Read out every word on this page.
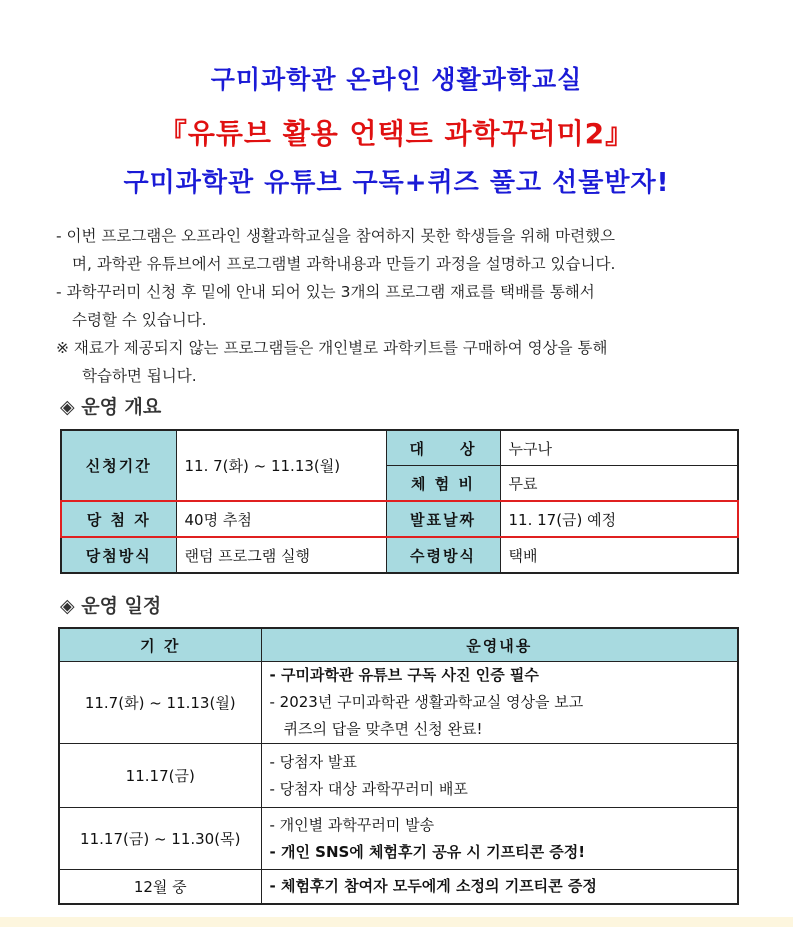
구미과학관 온라인 생활과학교실
『유튜브 활용 언택트 과학꾸러미2』
구미과학관 유튜브 구독+퀴즈 풀고 선물받자!
- 이번 프로그램은 오프라인 생활과학교실을 참여하지 못한 학생들을 위해 마련했으
며, 과학관 유튜브에서 프로그램별 과학내용과 만들기 과정을 설명하고 있습니다.
- 과학꾸러미 신청 후 밑에 안내 되어 있는 3개의 프로그램 재료를 택배를 통해서
수령할 수 있습니다.
※ 재료가 제공되지 않는 프로그램들은 개인별로 과학키트를 구매하여 영상을 통해
학습하면 됩니다.
◈ 운영 개요
신청기간	11. 7(화) ~ 11.13(월)	대　　상	누구나
		체 험 비	무료
당 첨 자	40명 추첨	발표날짜	11. 17(금) 예정
당첨방식	랜덤 프로그램 실행	수령방식	택배
◈ 운영 일정
기 간	운영내용
11.7(화) ~ 11.13(월)	- 구미과학관 유튜브 구독 사진 인증 필수
- 2023년 구미과학관 생활과학교실 영상을 보고
퀴즈의 답을 맞추면 신청 완료!

11.17(금)	- 당첨자 발표
- 당첨자 대상 과학꾸러미 배포

11.17(금) ~ 11.30(목)	- 개인별 과학꾸러미 발송
- 개인 SNS에 체험후기 공유 시 기프티콘 증정!

12월 중	- 체험후기 참여자 모두에게 소정의 기프티콘 증정
